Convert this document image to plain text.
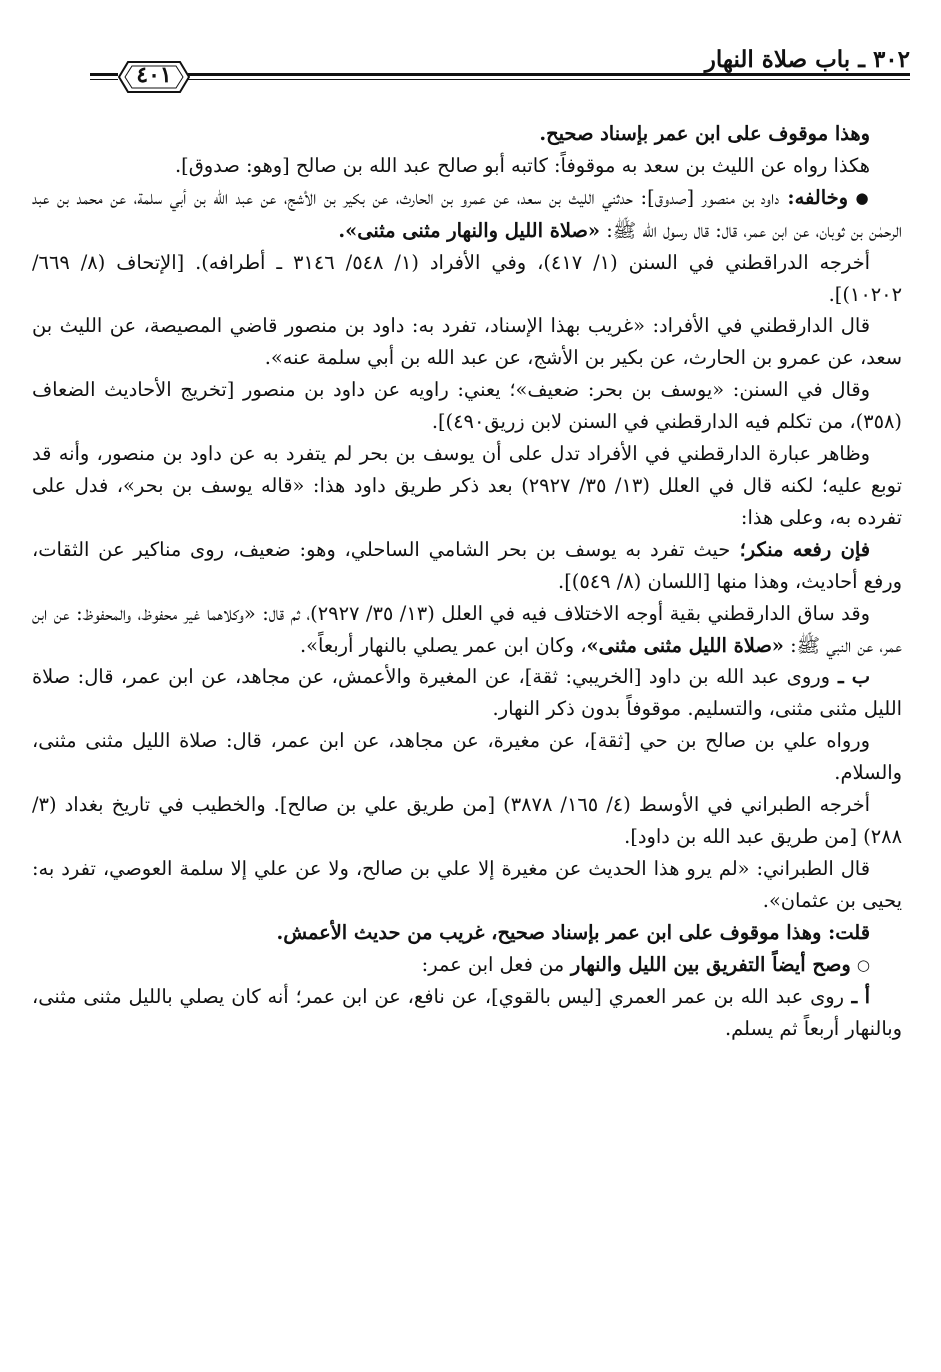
٣٠٢ ـ باب صلاة النهار
٤٠١

وهذا موقوف على ابن عمر بإسناد صحيح.

هكذا رواه عن الليث بن سعد به موقوفاً: كاتبه أبو صالح عبد الله بن صالح [وهو: صدوق].

● وخالفه: داود بن منصور [صدوق]: حدثني الليث بن سعد، عن عمرو بن الحارث، عن بكير بن الأشج، عن عبد الله بن أبي سلمة، عن محمد بن عبد الرحمٰن بن ثوبان، عن ابن عمر، قال: قال رسول الله ﷺ: «صلاة الليل والنهار مثنى مثنى».

أخرجه الدراقطني في السنن (١/ ٤١٧)، وفي الأفراد (١/ ٥٤٨/ ٣١٤٦ ـ أطرافه). [الإتحاف (٨/ ٦٦٩/ ١٠٢٠٢)].

قال الدارقطني في الأفراد: «غريب بهذا الإسناد، تفرد به: داود بن منصور قاضي المصيصة، عن الليث بن سعد، عن عمرو بن الحارث، عن بكير بن الأشج، عن عبد الله بن أبي سلمة عنه».

وقال في السنن: «يوسف بن بحر: ضعيف»؛ يعني: راويه عن داود بن منصور [تخريج الأحاديث الضعاف (٣٥٨)، من تكلم فيه الدارقطني في السنن لابن زريق٤٩٠)].

وظاهر عبارة الدارقطني في الأفراد تدل على أن يوسف بن بحر لم يتفرد به عن داود بن منصور، وأنه قد توبع عليه؛ لكنه قال في العلل (١٣/ ٣٥/ ٢٩٢٧) بعد ذكر طريق داود هذا: «قاله يوسف بن بحر»، فدل على تفرده به، وعلى هذا:

فإن رفعه منكر؛ حيث تفرد به يوسف بن بحر الشامي الساحلي، وهو: ضعيف، روى مناكير عن الثقات، ورفع أحاديث، وهذا منها [اللسان (٨/ ٥٤٩)].

وقد ساق الدارقطني بقية أوجه الاختلاف فيه في العلل (١٣/ ٣٥/ ٢٩٢٧)، ثم قال: «وكلاهما غير محفوظ، والمحفوظ: عن ابن عمر، عن النبي ﷺ: «صلاة الليل مثنى مثنى»، وكان ابن عمر يصلي بالنهار أربعاً».

ب ـ وروى عبد الله بن داود [الخريبي: ثقة]، عن المغيرة والأعمش، عن مجاهد، عن ابن عمر، قال: صلاة الليل مثنى مثنى، والتسليم. موقوفاً بدون ذكر النهار.

ورواه علي بن صالح بن حي [ثقة]، عن مغيرة، عن مجاهد، عن ابن عمر، قال: صلاة الليل مثنى مثنى، والسلام.

أخرجه الطبراني في الأوسط (٤/ ١٦٥/ ٣٨٧٨) [من طريق علي بن صالح]. والخطيب في تاريخ بغداد (٣/ ٢٨٨) [من طريق عبد الله بن داود].

قال الطبراني: «لم يرو هذا الحديث عن مغيرة إلا علي بن صالح، ولا عن علي إلا سلمة العوصي، تفرد به: يحيى بن عثمان».

قلت: وهذا موقوف على ابن عمر بإسناد صحيح، غريب من حديث الأعمش.

○ وصح أيضاً التفريق بين الليل والنهار من فعل ابن عمر:

أ ـ روى عبد الله بن عمر العمري [ليس بالقوي]، عن نافع، عن ابن عمر؛ أنه كان يصلي بالليل مثنى مثنى، وبالنهار أربعاً ثم يسلم.
